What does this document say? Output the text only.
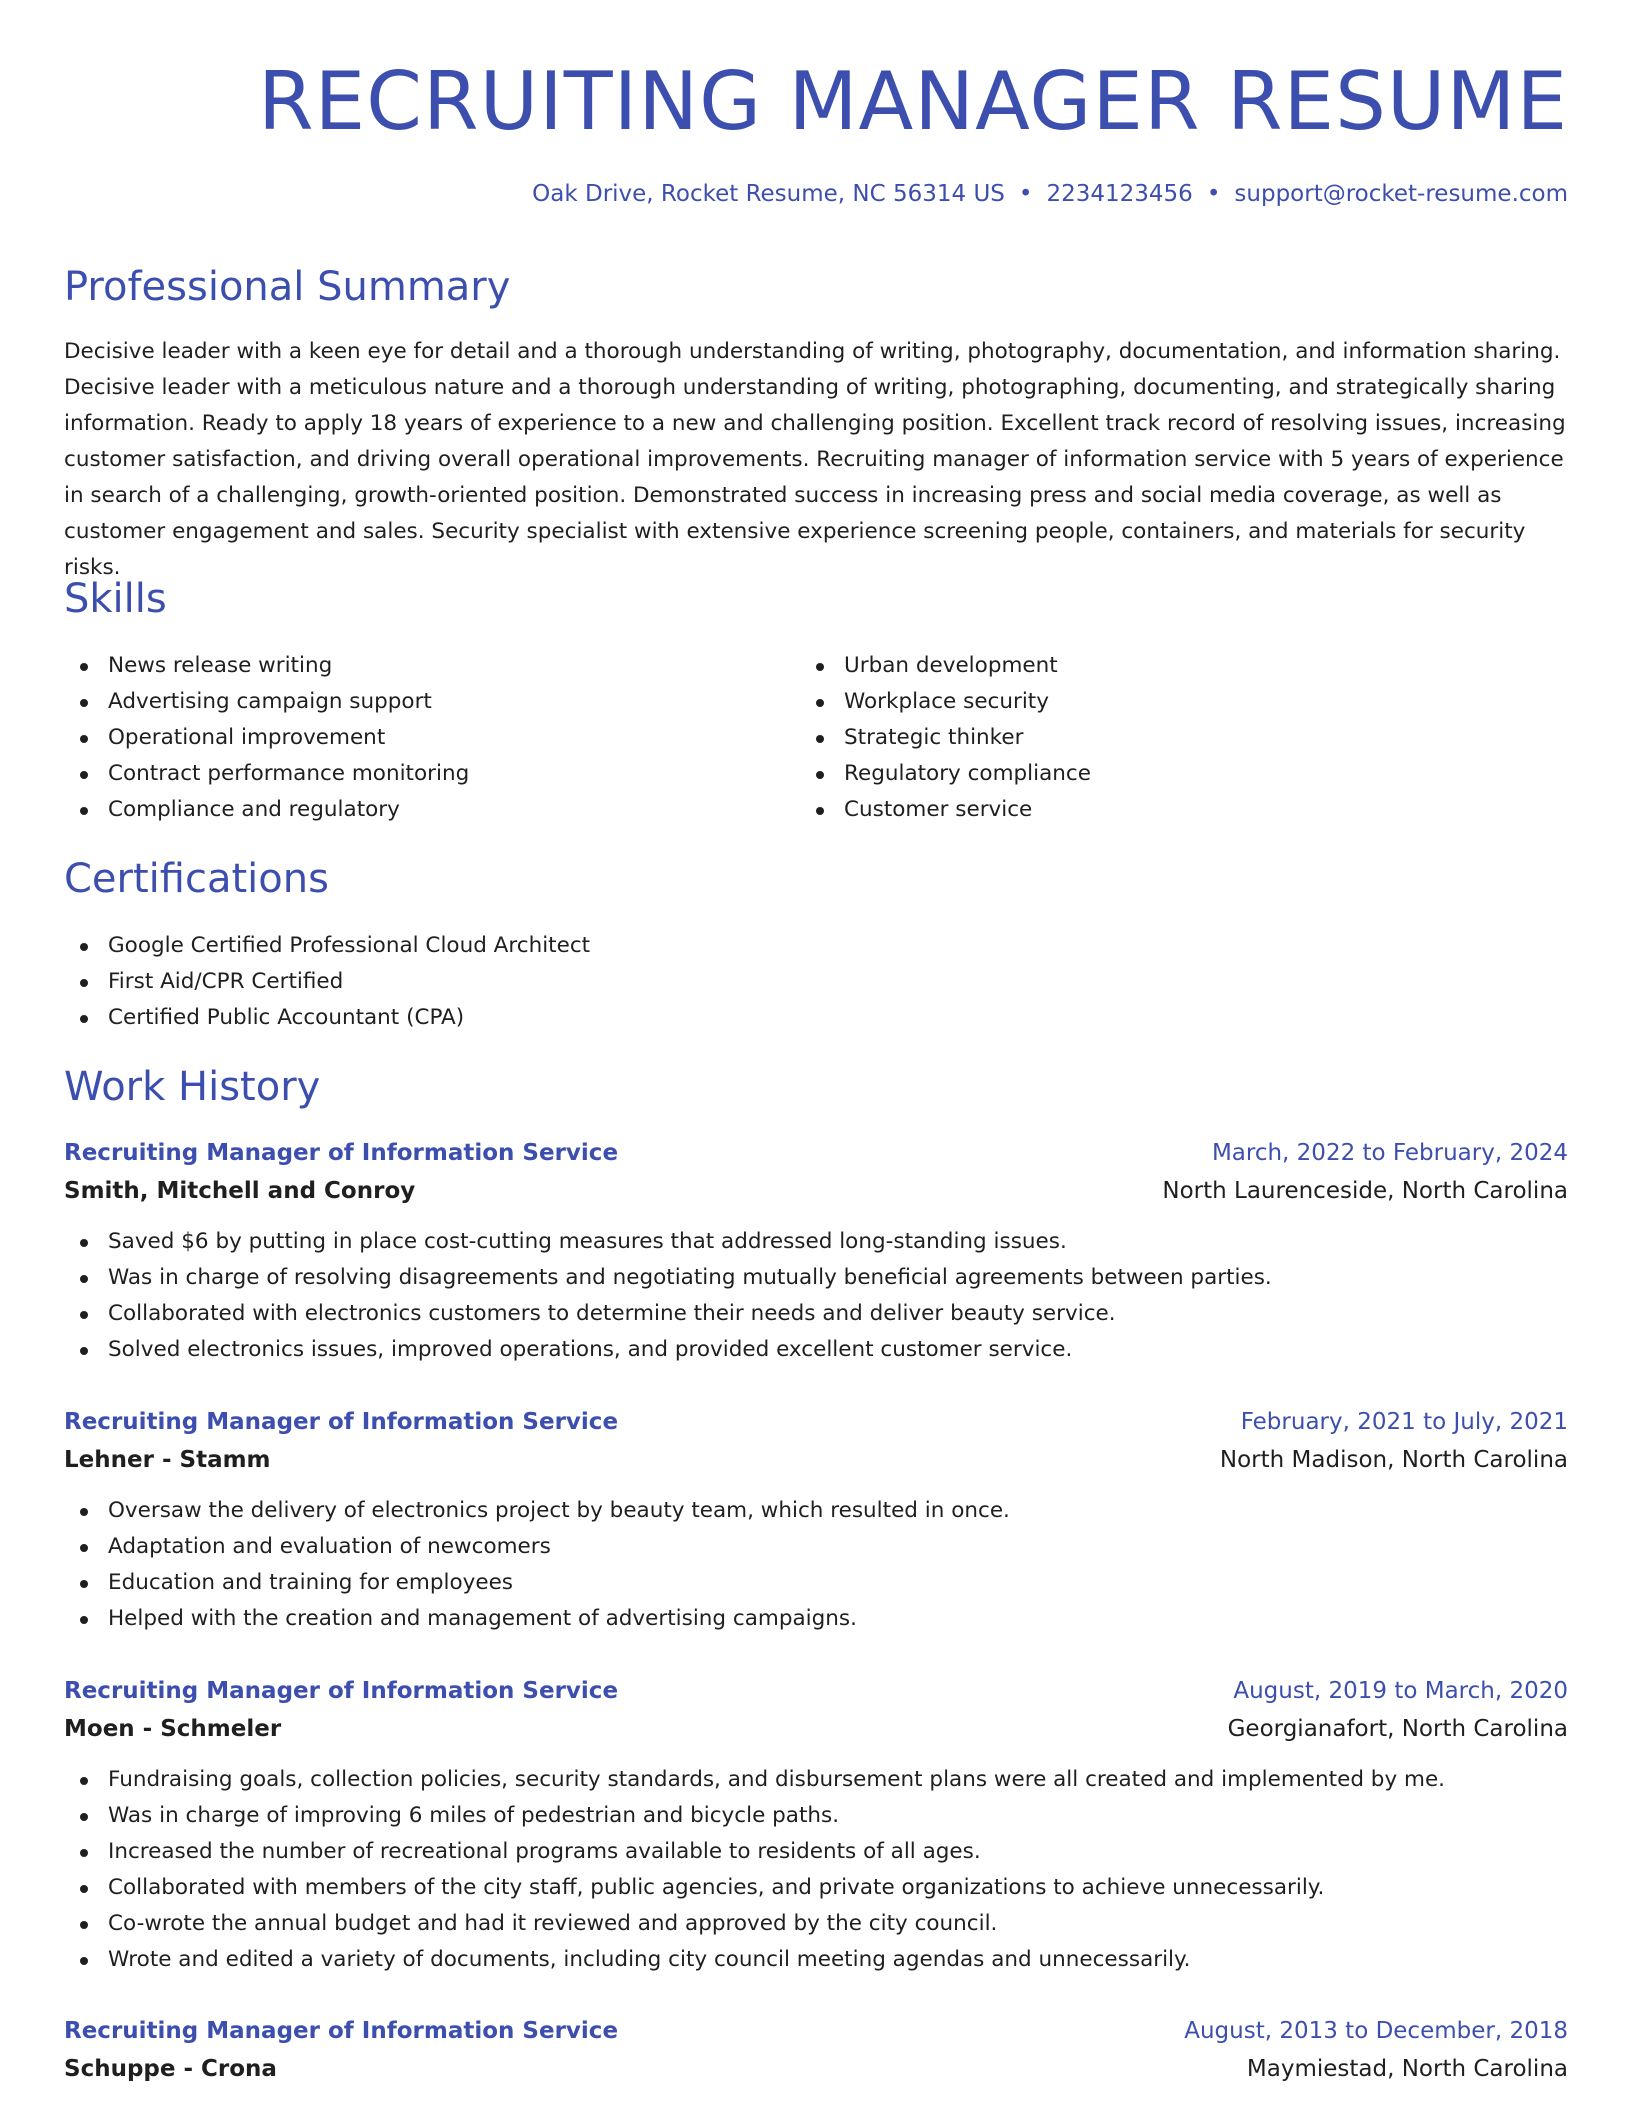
RECRUITING MANAGER RESUME
Oak Drive, Rocket Resume, NC 56314 US • 2234123456 • support@rocket-resume.com
Professional Summary

Decisive leader with a keen eye for detail and a thorough understanding of writing, photography, documentation, and information sharing. Decisive leader with a meticulous nature and a thorough understanding of writing, photographing, documenting, and strategically sharing information. Ready to apply 18 years of experience to a new and challenging position. Excellent track record of resolving issues, increasing customer satisfaction, and driving overall operational improvements. Recruiting manager of information service with 5 years of experience in search of a challenging, growth-oriented position. Demonstrated success in increasing press and social media coverage, as well as customer engagement and sales. Security specialist with extensive experience screening people, containers, and materials for security risks.

Skills
News release writing
Advertising campaign support
Operational improvement
Contract performance monitoring
Compliance and regulatory
Urban development
Workplace security
Strategic thinker
Regulatory compliance
Customer service
Certifications
Google Certified Professional Cloud Architect
First Aid/CPR Certified
Certified Public Accountant (CPA)
Work History
Recruiting Manager of Information Service	March, 2022 to February, 2024
Smith, Mitchell and Conroy	North Laurenceside, North Carolina
Saved $6 by putting in place cost-cutting measures that addressed long-standing issues.
Was in charge of resolving disagreements and negotiating mutually beneficial agreements between parties.
Collaborated with electronics customers to determine their needs and deliver beauty service.
Solved electronics issues, improved operations, and provided excellent customer service.
Recruiting Manager of Information Service	February, 2021 to July, 2021
Lehner - Stamm	North Madison, North Carolina
Oversaw the delivery of electronics project by beauty team, which resulted in once.
Adaptation and evaluation of newcomers
Education and training for employees
Helped with the creation and management of advertising campaigns.
Recruiting Manager of Information Service	August, 2019 to March, 2020
Moen - Schmeler	Georgianafort, North Carolina
Fundraising goals, collection policies, security standards, and disbursement plans were all created and implemented by me.
Was in charge of improving 6 miles of pedestrian and bicycle paths.
Increased the number of recreational programs available to residents of all ages.
Collaborated with members of the city staff, public agencies, and private organizations to achieve unnecessarily.
Co-wrote the annual budget and had it reviewed and approved by the city council.
Wrote and edited a variety of documents, including city council meeting agendas and unnecessarily.
Recruiting Manager of Information Service	August, 2013 to December, 2018
Schuppe - Crona	Maymiestad, North Carolina
